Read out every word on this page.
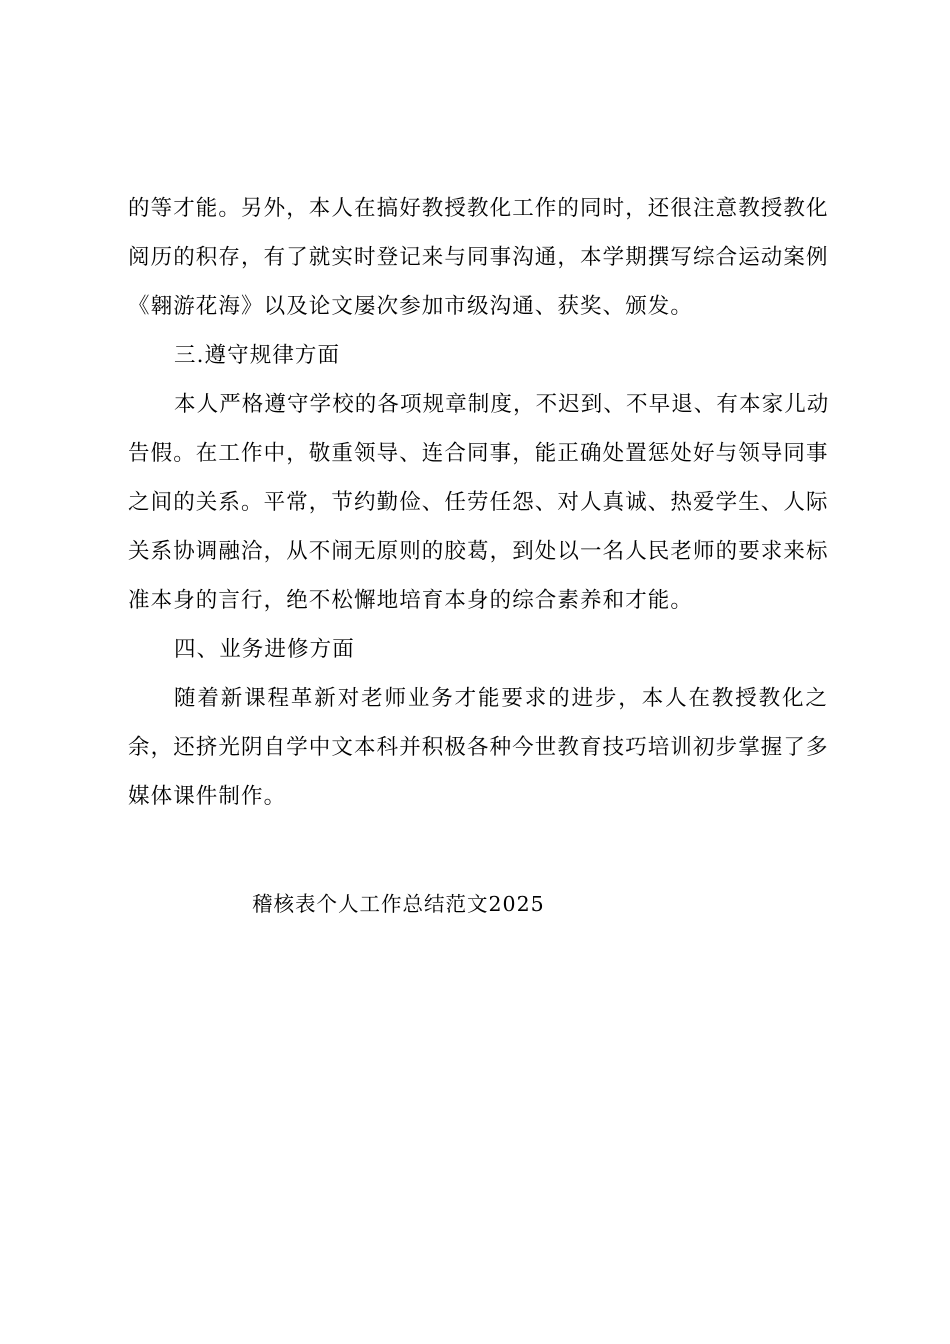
的等才能。另外，本人在搞好教授教化工作的同时，还很注意教授教化
阅历的积存，有了就实时登记来与同事沟通，本学期撰写综合运动案例
《翱游花海》以及论文屡次参加市级沟通、获奖、颁发。
三.遵守规律方面
本人严格遵守学校的各项规章制度，不迟到、不早退、有本家儿动
告假。在工作中，敬重领导、连合同事，能正确处置惩处好与领导同事
之间的关系。平常，节约勤俭、任劳任怨、对人真诚、热爱学生、人际
关系协调融洽，从不闹无原则的胶葛，到处以一名人民老师的要求来标
准本身的言行，绝不松懈地培育本身的综合素养和才能。
四、业务进修方面
随着新课程革新对老师业务才能要求的进步，本人在教授教化之
余，还挤光阴自学中文本科并积极各种今世教育技巧培训初步掌握了多
媒体课件制作。
稽核表个人工作总结范文2025
